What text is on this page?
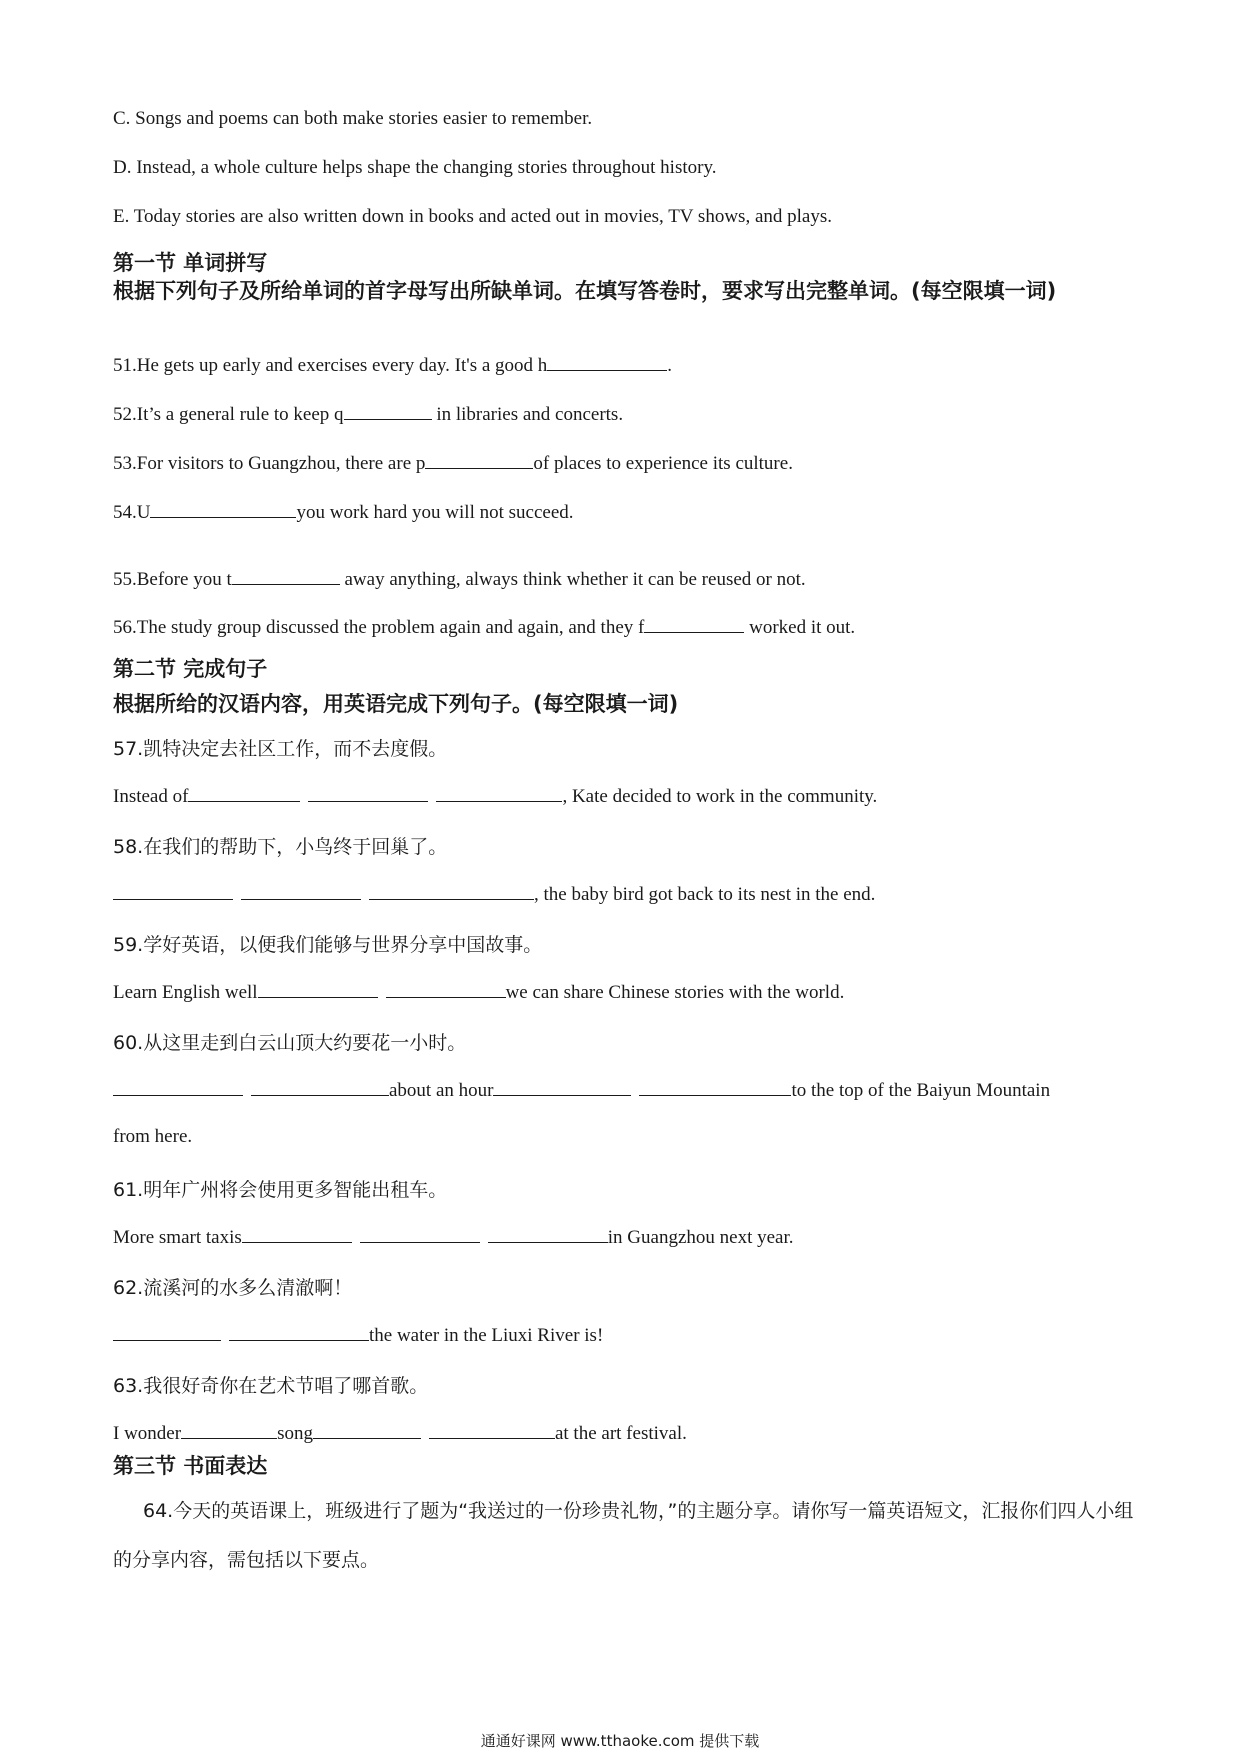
C. Songs and poems can both make stories easier to remember.
D. Instead, a whole culture helps shape the changing stories throughout history.
E. Today stories are also written down in books and acted out in movies, TV shows, and plays.
第一节 单词拼写
根据下列句子及所给单词的首字母写出所缺单词。在填写答卷时，要求写出完整单词。(每空限填一词)
51.He gets up early and exercises every day. It's a good h	.
52.It’s a general rule to keep q	in libraries and concerts.
53.For visitors to Guangzhou, there are p	of places to experience its culture.
54.U	you work hard you will not succeed.
55.Before you t	away anything, always think whether it can be reused or not.
56.The study group discussed the problem again and again, and they f	worked it out.
第二节 完成句子
根据所给的汉语内容，用英语完成下列句子。(每空限填一词)
57.凯特决定去社区工作，而不去度假。
Instead of	, Kate decided to work in the community.
58.在我们的帮助下，小鸟终于回巢了。
, the baby bird got back to its nest in the end.
59.学好英语，以便我们能够与世界分享中国故事。
Learn English well	we can share Chinese stories with the world.
60.从这里走到白云山顶大约要花一小时。
about an hour	to the top of the Baiyun Mountain
from here.
61.明年广州将会使用更多智能出租车。
More smart taxis	in Guangzhou next year.
62.流溪河的水多么清澈啊！
the water in the Liuxi River is!
63.我很好奇你在艺术节唱了哪首歌。
I wonder	song	at the art festival.
第三节 书面表达
64.今天的英语课上，班级进行了题为“我送过的一份珍贵礼物，”的主题分享。请你写一篇英语短文，汇报你们四人小组的分享内容，需包括以下要点。
通通好课网 www.tthaoke.com 提供下载
